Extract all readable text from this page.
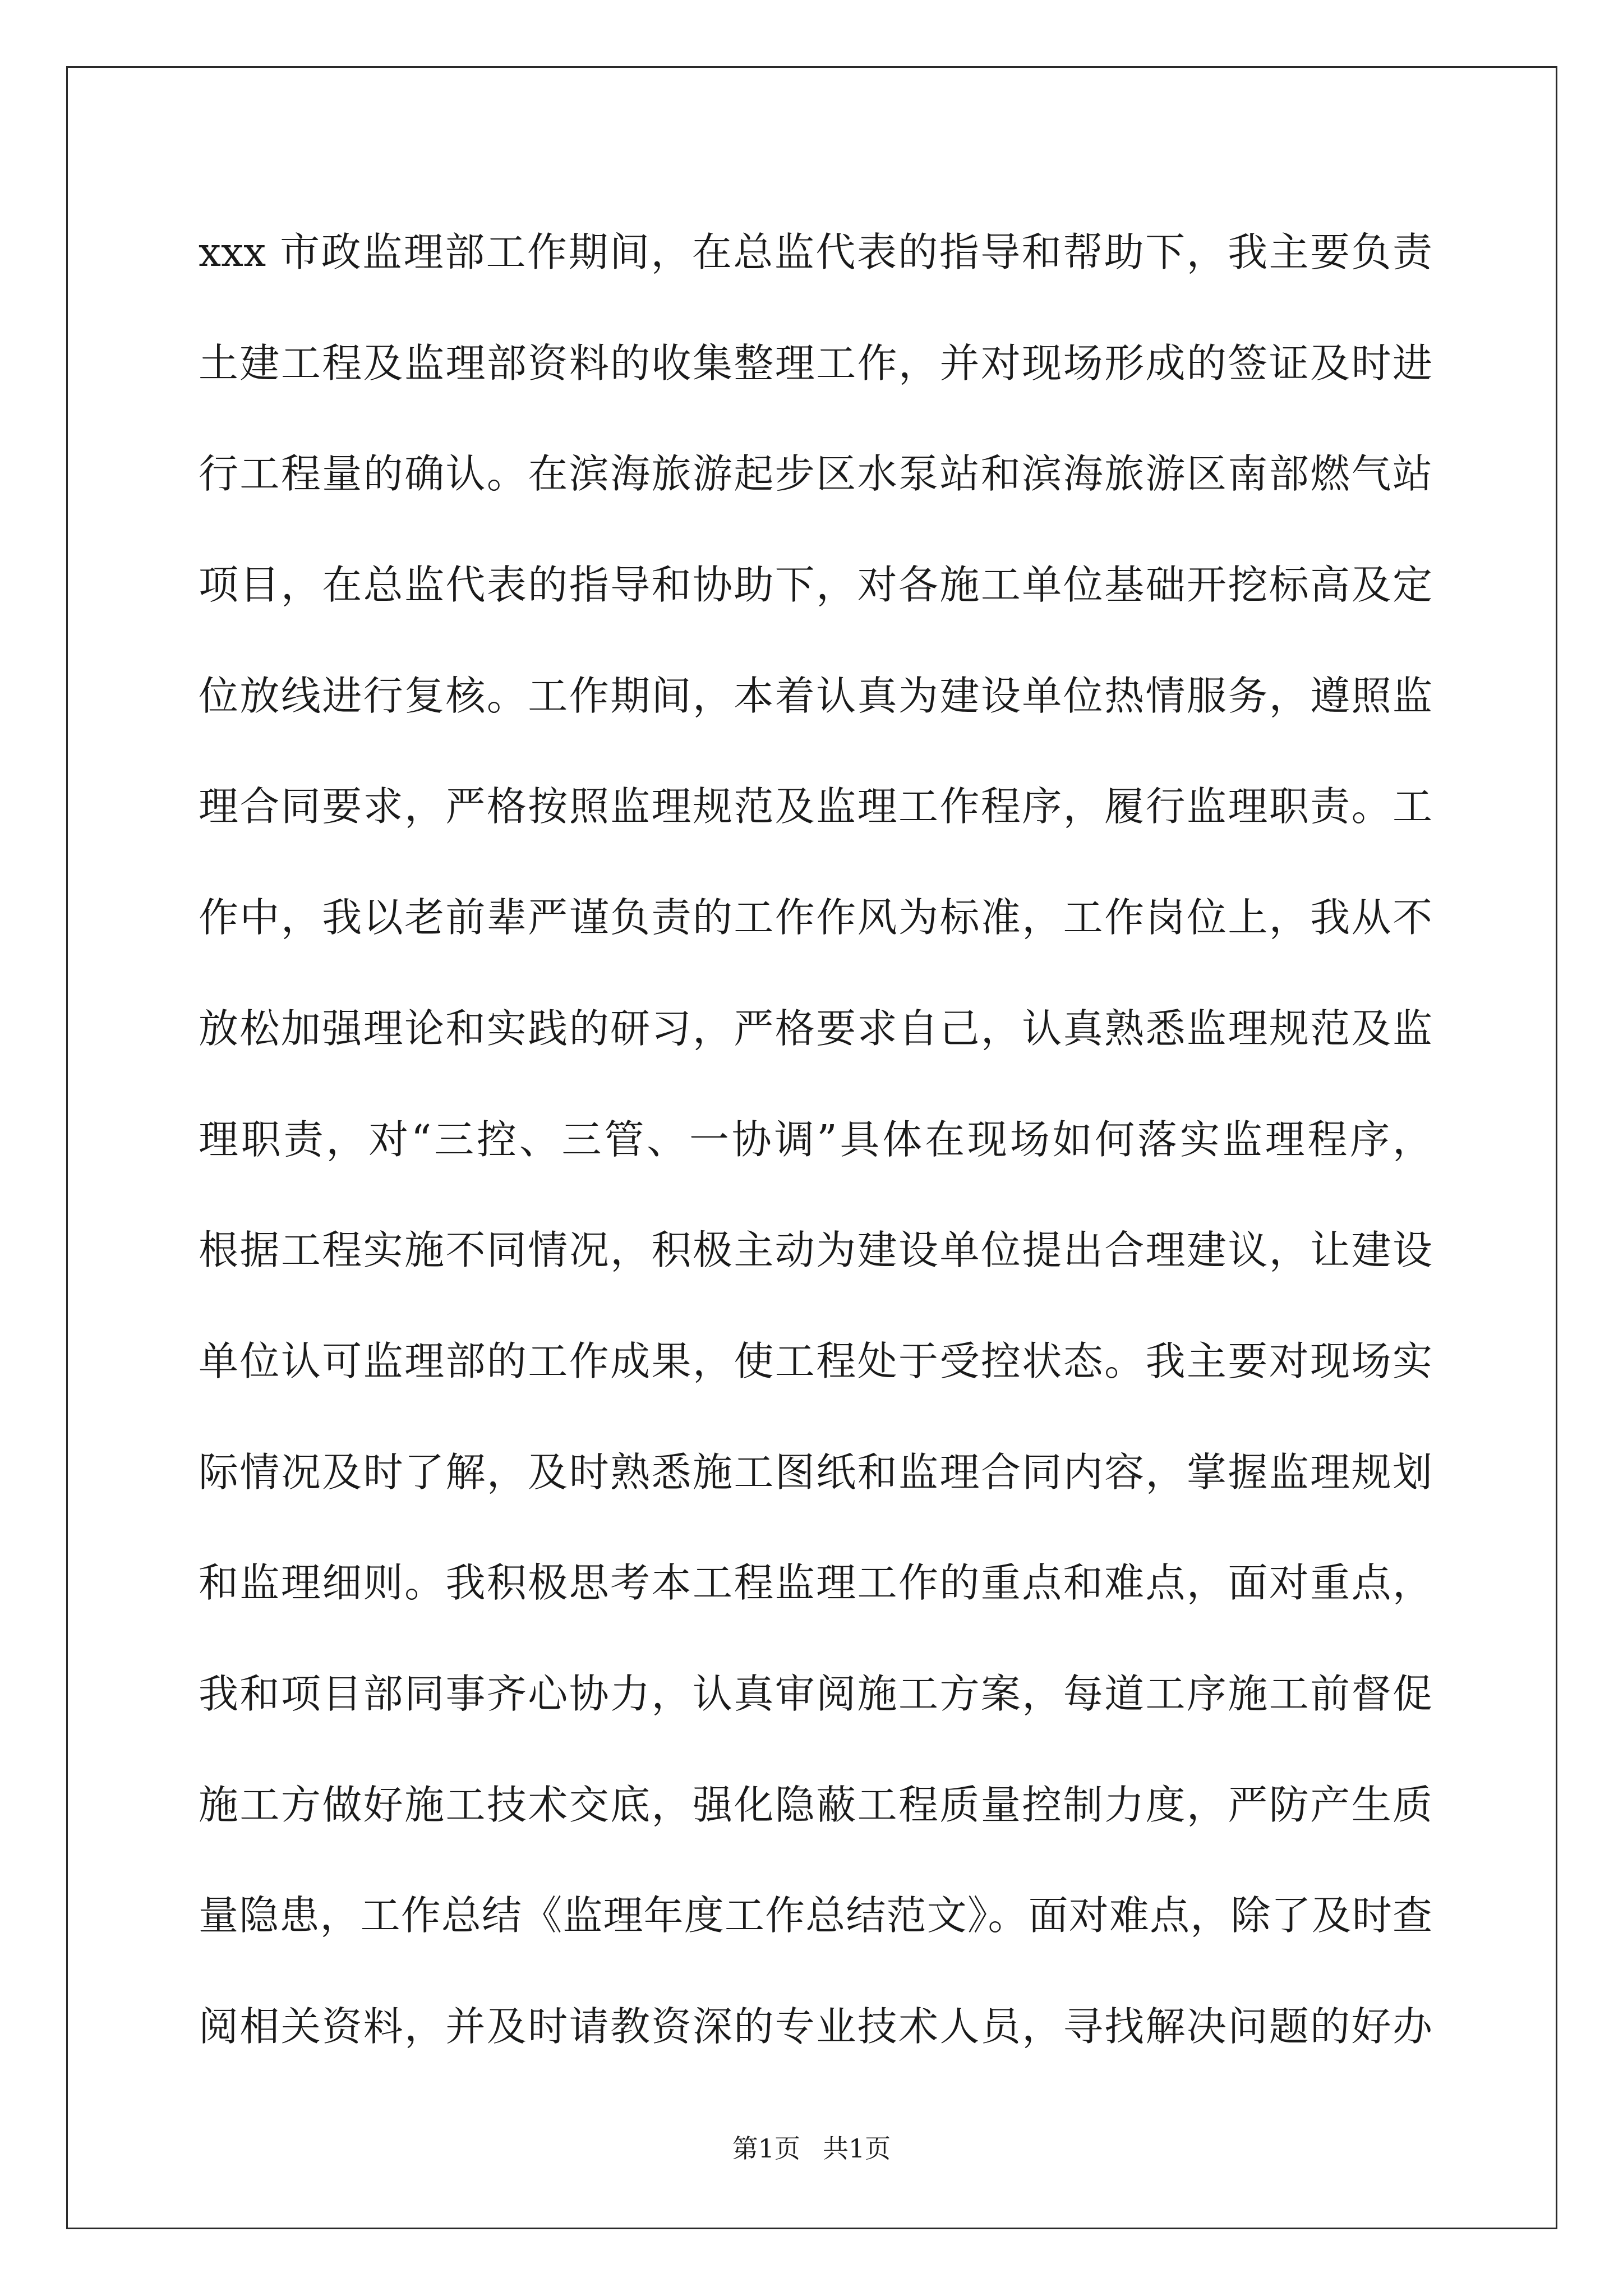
xxx 市政监理部工作期间，在总监代表的指导和帮助下，我主要负责
土建工程及监理部资料的收集整理工作，并对现场形成的签证及时进
行工程量的确认。在滨海旅游起步区水泵站和滨海旅游区南部燃气站
项目，在总监代表的指导和协助下，对各施工单位基础开挖标高及定
位放线进行复核。工作期间，本着认真为建设单位热情服务，遵照监
理合同要求，严格按照监理规范及监理工作程序，履行监理职责。工
作中，我以老前辈严谨负责的工作作风为标准，工作岗位上，我从不
放松加强理论和实践的研习，严格要求自己，认真熟悉监理规范及监
理职责，对“三控、三管、一协调”具体在现场如何落实监理程序，
根据工程实施不同情况，积极主动为建设单位提出合理建议，让建设
单位认可监理部的工作成果，使工程处于受控状态。我主要对现场实
际情况及时了解，及时熟悉施工图纸和监理合同内容，掌握监理规划
和监理细则。我积极思考本工程监理工作的重点和难点，面对重点，
我和项目部同事齐心协力，认真审阅施工方案，每道工序施工前督促
施工方做好施工技术交底，强化隐蔽工程质量控制力度，严防产生质
量隐患，工作总结《监理年度工作总结范文》。面对难点，除了及时查
阅相关资料，并及时请教资深的专业技术人员，寻找解决问题的好办
第1页 共1页
